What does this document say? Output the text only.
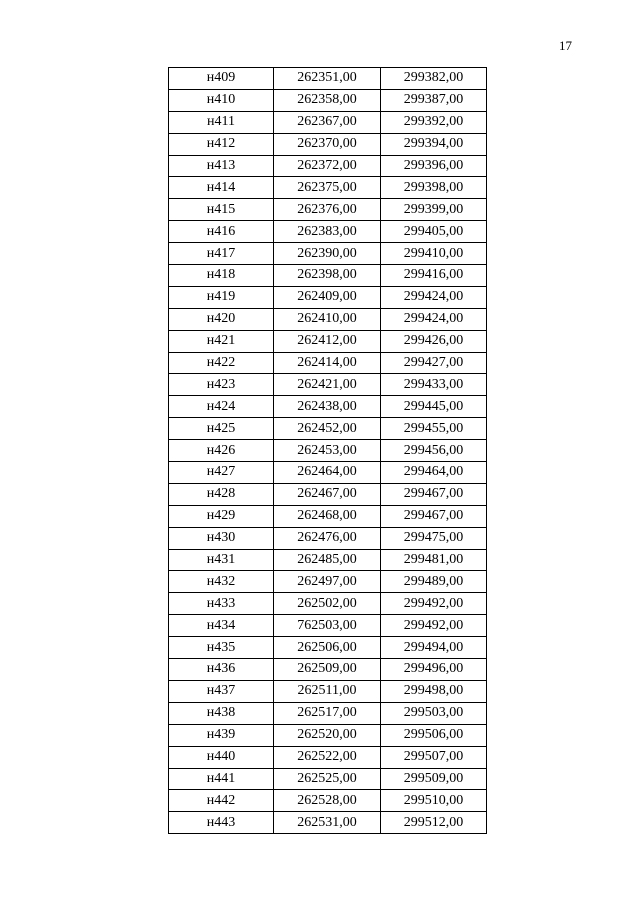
17
н409	262351,00	299382,00
н410	262358,00	299387,00
н411	262367,00	299392,00
н412	262370,00	299394,00
н413	262372,00	299396,00
н414	262375,00	299398,00
н415	262376,00	299399,00
н416	262383,00	299405,00
н417	262390,00	299410,00
н418	262398,00	299416,00
н419	262409,00	299424,00
н420	262410,00	299424,00
н421	262412,00	299426,00
н422	262414,00	299427,00
н423	262421,00	299433,00
н424	262438,00	299445,00
н425	262452,00	299455,00
н426	262453,00	299456,00
н427	262464,00	299464,00
н428	262467,00	299467,00
н429	262468,00	299467,00
н430	262476,00	299475,00
н431	262485,00	299481,00
н432	262497,00	299489,00
н433	262502,00	299492,00
н434	762503,00	299492,00
н435	262506,00	299494,00
н436	262509,00	299496,00
н437	262511,00	299498,00
н438	262517,00	299503,00
н439	262520,00	299506,00
н440	262522,00	299507,00
н441	262525,00	299509,00
н442	262528,00	299510,00
н443	262531,00	299512,00
